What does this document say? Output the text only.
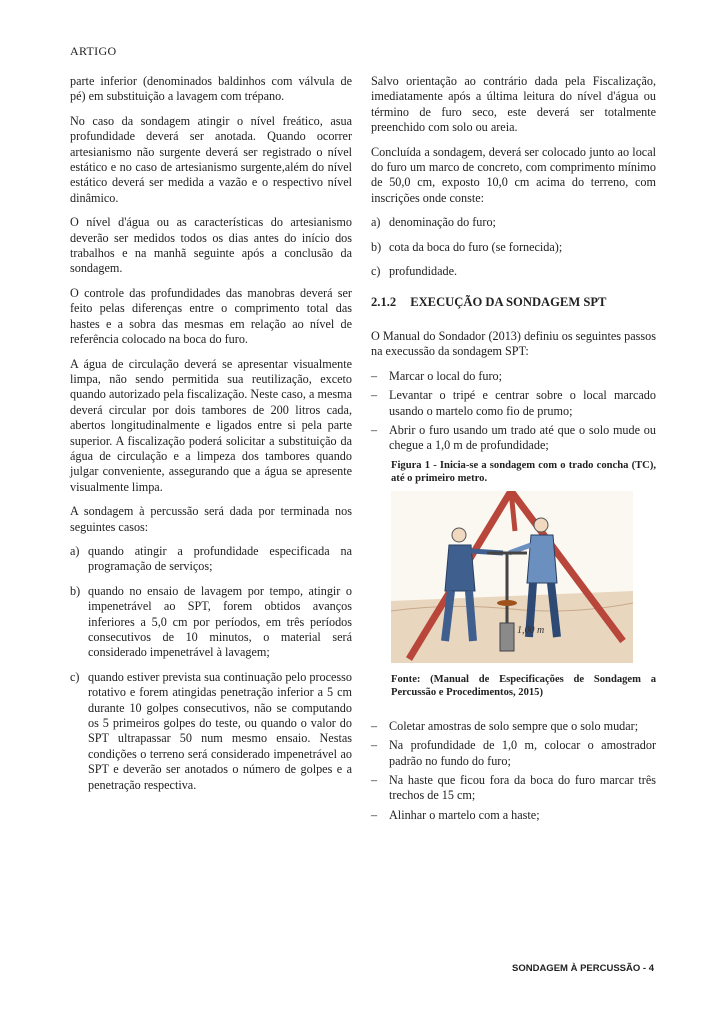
ARTIGO

parte inferior (denominados baldinhos com válvula de pé) em substituição a lavagem com trépano.

No caso da sondagem atingir o nível freático, asua profundidade deverá ser anotada. Quando ocorrer artesianismo não surgente deverá ser registrado o nível estático e no caso de artesianismo surgente,além do nível estático deverá ser medida a vazão e o respectivo nível dinâmico.

O nível d'água ou as características do artesianismo deverão ser medidos todos os dias antes do início dos trabalhos e na manhã seguinte após a conclusão da sondagem.

O controle das profundidades das manobras deverá ser feito pelas diferenças entre o comprimento total das hastes e a sobra das mesmas em relação ao nível de referência colocado na boca do furo.

A água de circulação deverá se apresentar visualmente limpa, não sendo permitida sua reutilização, exceto quando autorizado pela fiscalização. Neste caso, a mesma deverá circular por dois tambores de 200 litros cada, abertos longitudinalmente e ligados entre si pela parte superior. A fiscalização poderá solicitar a substituição da água de circulação e a limpeza dos tambores quando julgar conveniente, assegurando que a água se apresente visualmente limpa.

A sondagem à percussão será dada por terminada nos seguintes casos:

a) quando atingir a profundidade especificada na programação de serviços;
b) quando no ensaio de lavagem por tempo, atingir o impenetrável ao SPT, forem obtidos avanços inferiores a 5,0 cm por períodos, em três períodos consecutivos de 10 minutos, o material será considerado impenetrável à lavagem;
c) quando estiver prevista sua continuação pelo processo rotativo e forem atingidas penetração inferior a 5 cm durante 10 golpes consecutivos, não se computando os 5 primeiros golpes do teste, ou quando o valor do SPT ultrapassar 50 num mesmo ensaio. Nestas condições o terreno será considerado impenetrável ao SPT e deverão ser anotados o número de golpes e a penetração respectiva.

Salvo orientação ao contrário dada pela Fiscalização, imediatamente após a última leitura do nível d'água ou término de furo seco, este deverá ser totalmente preenchido com solo ou areia.

Concluída a sondagem, deverá ser colocado junto ao local do furo um marco de concreto, com comprimento mínimo de 50,0 cm, exposto 10,0 cm acima do terreno, com inscrições onde conste:

a) denominação do furo;
b) cota da boca do furo (se fornecida);
c) profundidade.
2.1.2 EXECUÇÃO DA SONDAGEM SPT

O Manual do Sondador (2013) definiu os seguintes passos na execussão da sondagem SPT:

– Marcar o local do furo;
– Levantar o tripé e centrar sobre o local marcado usando o martelo como fio de prumo;
– Abrir o furo usando um trado até que o solo mude ou chegue a 1,0 m de profundidade;
Figura 1 - Inicia-se a sondagem com o trado concha (TC), até o primeiro metro.
1,00 m
Fonte: (Manual de Especificações de Sondagem a Percussão e Procedimentos, 2015)
– Coletar amostras de solo sempre que o solo mudar;
– Na profundidade de 1,0 m, colocar o amostrador padrão no fundo do furo;
– Na haste que ficou fora da boca do furo marcar três trechos de 15 cm;
– Alinhar o martelo com a haste;
SONDAGEM À PERCUSSÃO - 4
